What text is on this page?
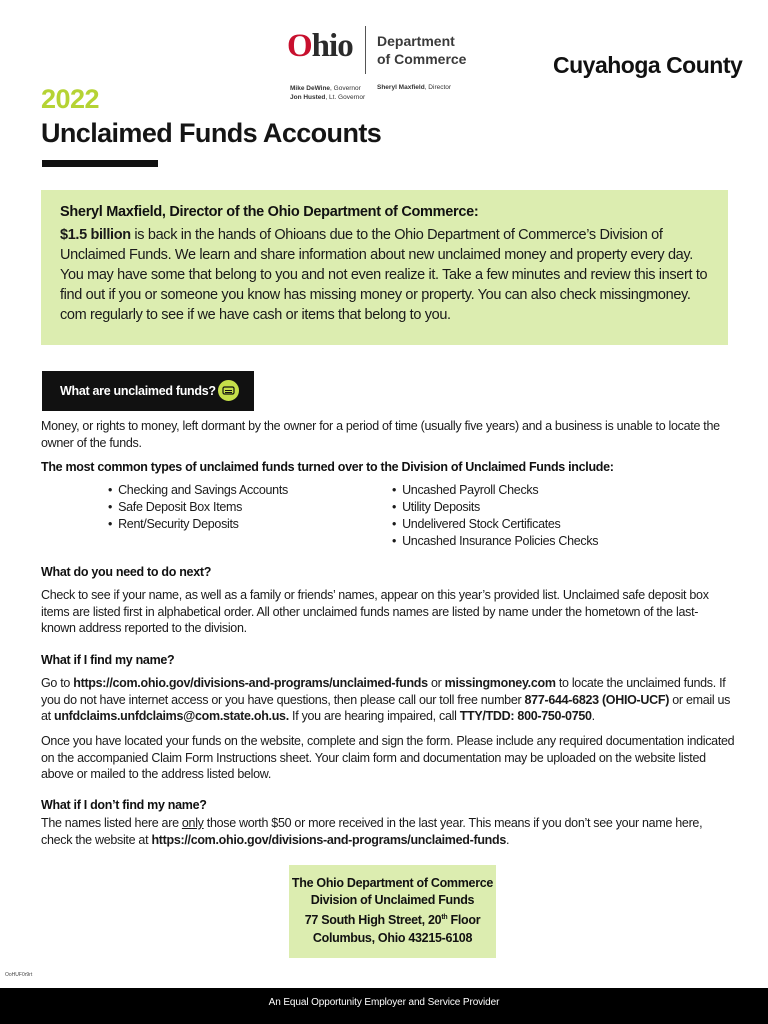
Ohio Department
of Commerce
Mike DeWine, Governor
Jon Husted, Lt. Governor
Sheryl Maxfield, Director
Cuyahoga County
2022
Unclaimed Funds Accounts
Sheryl Maxfield, Director of the Ohio Department of Commerce:
$1.5 billion is back in the hands of Ohioans due to the Ohio Department of Commerce’s Division of Unclaimed Funds. We learn and share information about new unclaimed money and property every day. You may have some that belong to you and not even realize it. Take a few minutes and review this insert to find out if you or someone you know has missing money or property. You can also check missingmoney. com regularly to see if we have cash or items that belong to you.
What are unclaimed funds?
Money, or rights to money, left dormant by the owner for a period of time (usually five years) and a business is unable to locate the owner of the funds.
The most common types of unclaimed funds turned over to the Division of Unclaimed Funds include:
• Checking and Savings Accounts
• Safe Deposit Box Items
• Rent/Security Deposits
• Uncashed Payroll Checks
• Utility Deposits
• Undelivered Stock Certificates
• Uncashed Insurance Policies Checks
What do you need to do next?
Check to see if your name, as well as a family or friends’ names, appear on this year’s provided list. Unclaimed safe deposit box items are listed first in alphabetical order. All other unclaimed funds names are listed by name under the hometown of the last-known address reported to the division.
What if I find my name?
Go to https://com.ohio.gov/divisions-and-programs/unclaimed-funds or missingmoney.com to locate the unclaimed funds. If you do not have internet access or you have questions, then please call our toll free number 877-644-6823 (OHIO-UCF) or email us at unfdclaims.unfdclaims@com.state.oh.us. If you are hearing impaired, call TTY/TDD: 800-750-0750.
Once you have located your funds on the website, complete and sign the form. Please include any required documentation indicated on the accompanied Claim Form Instructions sheet. Your claim form and documentation may be uploaded on the website listed above or mailed to the address listed below.
What if I don’t find my name?
The names listed here are only those worth $50 or more received in the last year. This means if you don’t see your name here, check the website at https://com.ohio.gov/divisions-and-programs/unclaimed-funds.
The Ohio Department of Commerce
Division of Unclaimed Funds
77 South High Street, 20th Floor
Columbus, Ohio 43215-6108
OoHUF0r9rt
An Equal Opportunity Employer and Service Provider
